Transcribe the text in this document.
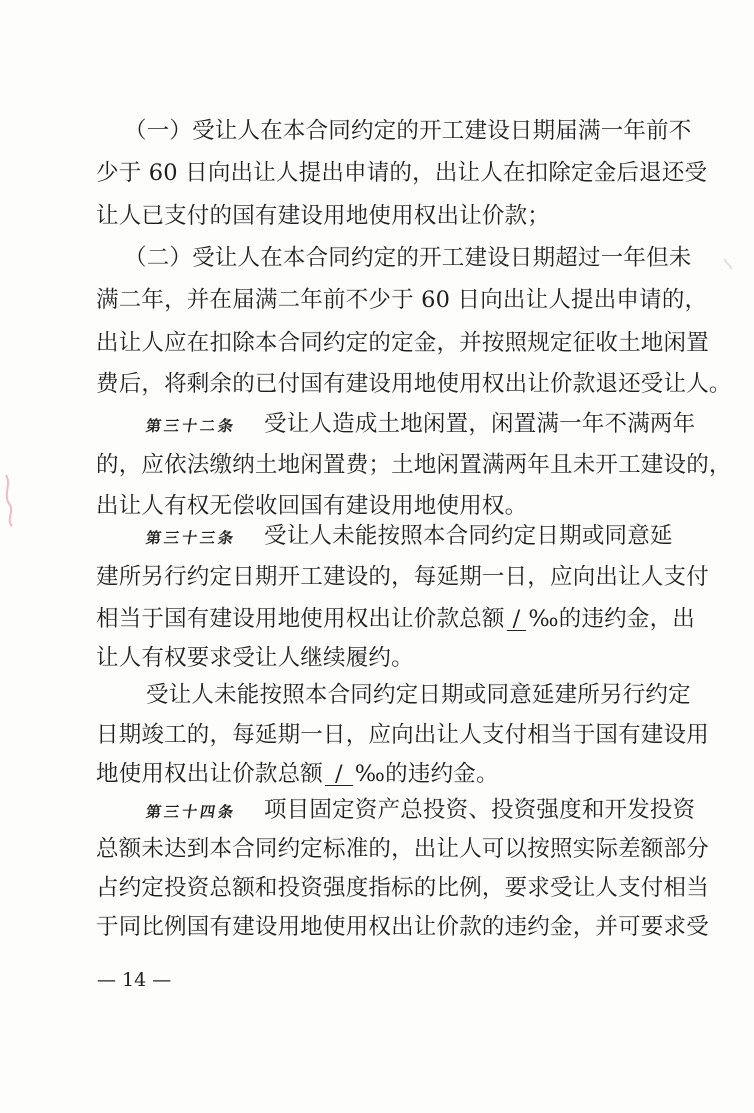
（一）受让人在本合同约定的开工建设日期届满一年前不
少于 60 日向出让人提出申请的，出让人在扣除定金后退还受
让人已支付的国有建设用地使用权出让价款；
（二）受让人在本合同约定的开工建设日期超过一年但未
满二年，并在届满二年前不少于 60 日向出让人提出申请的，
出让人应在扣除本合同约定的定金，并按照规定征收土地闲置
费后，将剩余的已付国有建设用地使用权出让价款退还受让人。
第三十二条 受让人造成土地闲置，闲置满一年不满两年
的，应依法缴纳土地闲置费；土地闲置满两年且未开工建设的，
出让人有权无偿收回国有建设用地使用权。
第三十三条 受让人未能按照本合同约定日期或同意延
建所另行约定日期开工建设的，每延期一日，应向出让人支付
相当于国有建设用地使用权出让价款总额 / ‰的违约金，出
让人有权要求受让人继续履约。
受让人未能按照本合同约定日期或同意延建所另行约定
日期竣工的，每延期一日，应向出让人支付相当于国有建设用
地使用权出让价款总额 / ‰的违约金。
第三十四条 项目固定资产总投资、投资强度和开发投资
总额未达到本合同约定标准的，出让人可以按照实际差额部分
占约定投资总额和投资强度指标的比例，要求受让人支付相当
于同比例国有建设用地使用权出让价款的违约金，并可要求受
— 14 —
